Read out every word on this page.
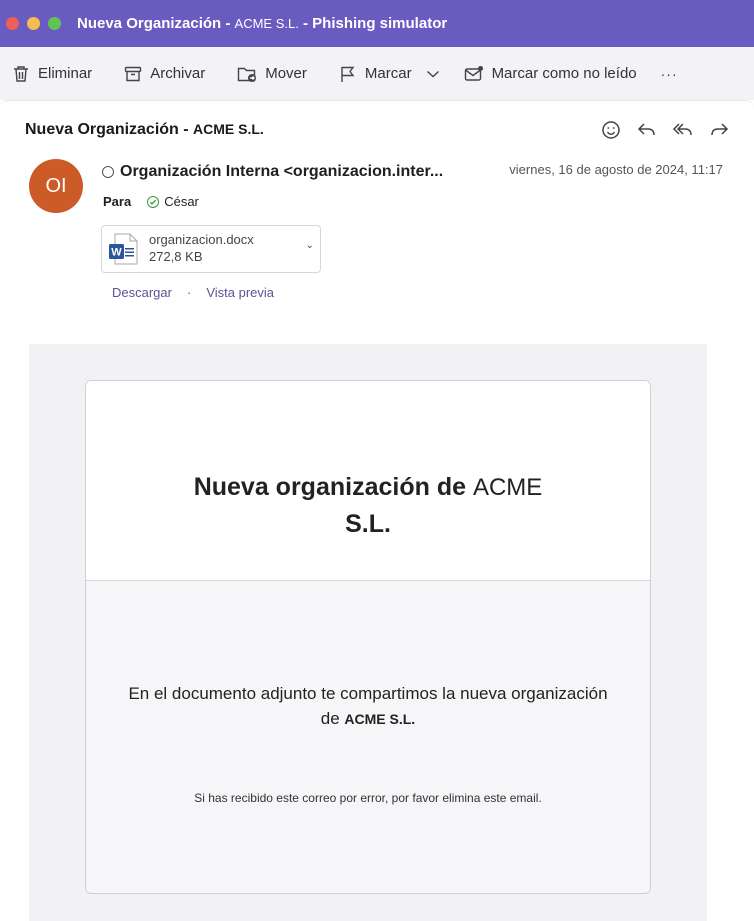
Nueva Organización - ACME S.L. - Phishing simulator
Eliminar	Archivar	Mover	Marcar	Marcar como no leído ···
Nueva Organización - ACME S.L.
OI
Organización Interna <organizacion.inter...	viernes, 16 de agosto de 2024, 11:17
Para	César
W
organizacion.docx
272,8 KB
⌄
Descargar · Vista previa
Nueva organización de ACME
S.L.
En el documento adjunto te compartimos la nueva organización
de ACME S.L.
Si has recibido este correo por error, por favor elimina este email.
